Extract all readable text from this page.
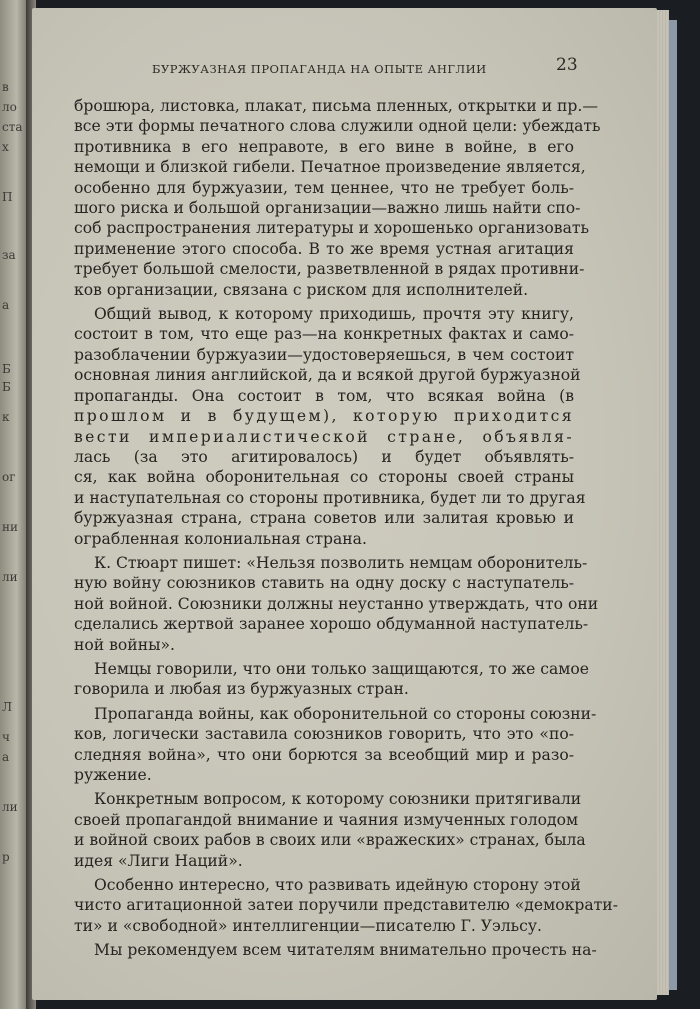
в
ло
ста
х
П
за
а
Б
Б
к
ог
ни
ли
Л
ч
а
ли
р
БУРЖУАЗНАЯ ПРОПАГАНДА НА ОПЫТЕ АНГЛИИ	23

брошюра, листовка, плакат, письма пленных, открытки и пр.—
все эти формы печатного слова служили одной цели: убеждать
противника в его неправоте, в его вине в войне, в его
немощи и близкой гибели. Печатное произведение является,
особенно для буржуазии, тем ценнее, что не требует боль-
шого риска и большой организации—важно лишь найти спо-
соб распространения литературы и хорошенько организовать
применение этого способа. В то же время устная агитация
требует большой смелости, разветвленной в рядах противни-
ков организации, связана с риском для исполнителей.

Общий вывод, к которому приходишь, прочтя эту книгу,
состоит в том, что еще раз—на конкретных фактах и само-
разоблачении буржуазии—удостоверяешься, в чем состоит
основная линия английской, да и всякой другой буржуазной
пропаганды. Она состоит в том, что всякая война (в
прошлом и в будущем), которую приходится
вести империалистической стране, объявля-
лась (за это агитировалось) и будет объявлять-
ся, как война оборонительная со стороны своей страны
и наступательная со стороны противника, будет ли то другая
буржуазная страна, страна советов или залитая кровью и
ограбленная колониальная страна.

К. Стюарт пишет: «Нельзя позволить немцам оборонитель-
ную войну союзников ставить на одну доску с наступатель-
ной войной. Союзники должны неустанно утверждать, что они
сделались жертвой заранее хорошо обдуманной наступатель-
ной войны».

Немцы говорили, что они только защищаются, то же самое
говорила и любая из буржуазных стран.

Пропаганда войны, как оборонительной со стороны союзни-
ков, логически заставила союзников говорить, что это «по-
следняя война», что они борются за всеобщий мир и разо-
ружение.

Конкретным вопросом, к которому союзники притягивали
своей пропагандой внимание и чаяния измученных голодом
и войной своих рабов в своих или «вражеских» странах, была
идея «Лиги Наций».

Особенно интересно, что развивать идейную сторону этой
чисто агитационной затеи поручили представителю «демократи-
ти» и «свободной» интеллигенции—писателю Г. Уэльсу.

Мы рекомендуем всем читателям внимательно прочесть на-
